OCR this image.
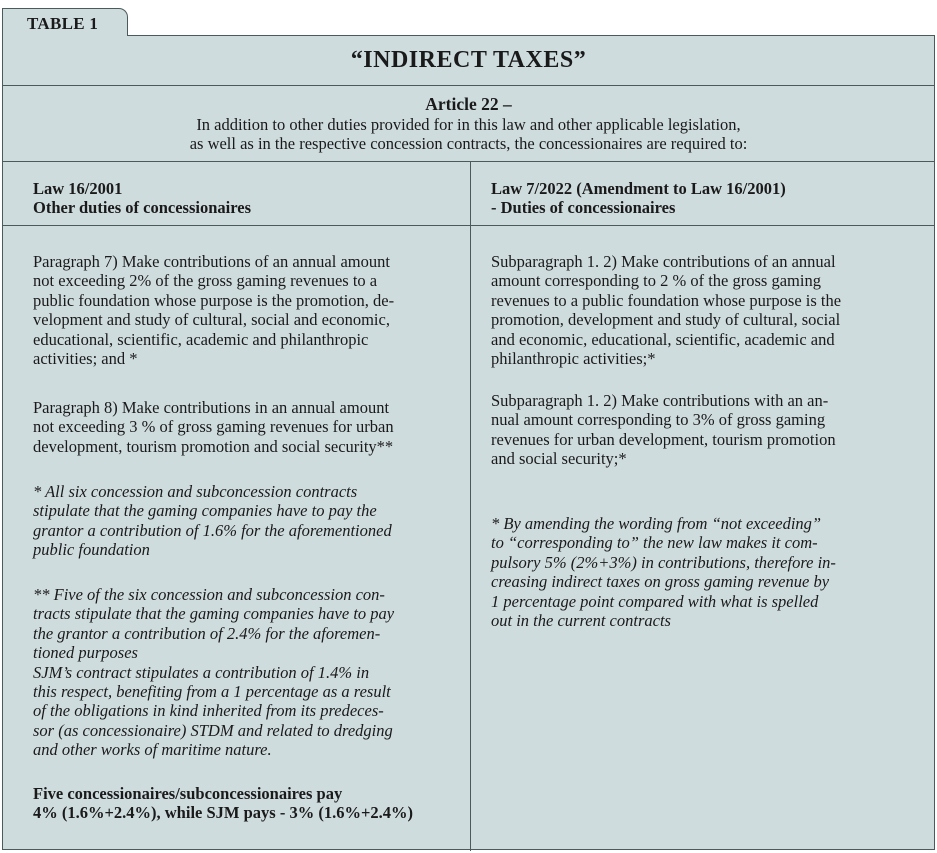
TABLE 1
“INDIRECT TAXES”
Article 22 –
In addition to other duties provided for in this law and other applicable legislation,
as well as in the respective concession contracts, the concessionaires are required to:
Law 16/2001
Other duties of concessionaires
Law 7/2022 (Amendment to Law 16/2001)
- Duties of concessionaires
Paragraph 7) Make contributions of an annual amount
not exceeding 2% of the gross gaming revenues to a
public foundation whose purpose is the promotion, de-
velopment and study of cultural, social and economic,
educational, scientific, academic and philanthropic
activities; and *
Paragraph 8) Make contributions in an annual amount
not exceeding 3 % of gross gaming revenues for urban
development, tourism promotion and social security**
* All six concession and subconcession contracts
stipulate that the gaming companies have to pay the
grantor a contribution of 1.6% for the aforementioned
public foundation
** Five of the six concession and subconcession con-
tracts stipulate that the gaming companies have to pay
the grantor a contribution of 2.4% for the aforemen-
tioned purposes
SJM’s contract stipulates a contribution of 1.4% in
this respect, benefiting from a 1 percentage as a result
of the obligations in kind inherited from its predeces-
sor (as concessionaire) STDM and related to dredging
and other works of maritime nature.
Five concessionaires/subconcessionaires pay
4% (1.6%+2.4%), while SJM pays - 3% (1.6%+2.4%)
Subparagraph 1. 2) Make contributions of an annual
amount corresponding to 2 % of the gross gaming
revenues to a public foundation whose purpose is the
promotion, development and study of cultural, social
and economic, educational, scientific, academic and
philanthropic activities;*
Subparagraph 1. 2) Make contributions with an an-
nual amount corresponding to 3% of gross gaming
revenues for urban development, tourism promotion
and social security;*
* By amending the wording from “not exceeding”
to “corresponding to” the new law makes it com-
pulsory 5% (2%+3%) in contributions, therefore in-
creasing indirect taxes on gross gaming revenue by
1 percentage point compared with what is spelled
out in the current contracts
